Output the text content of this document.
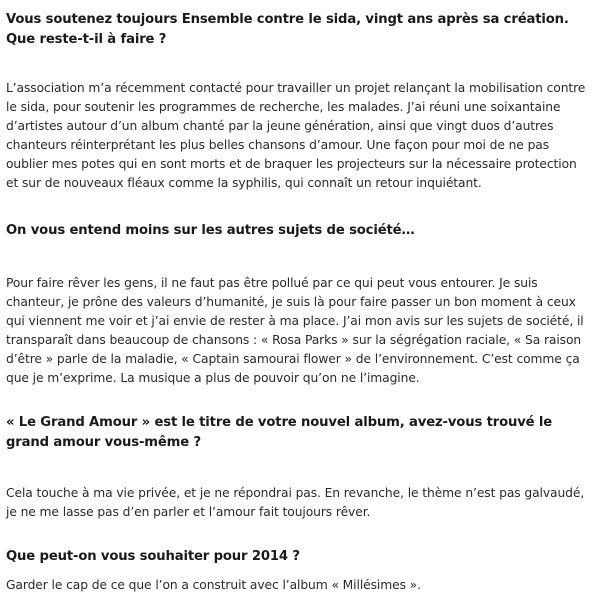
Vous soutenez toujours Ensemble contre le sida, vingt ans après sa création. Que reste-t-il à faire ?

L’association m’a récemment contacté pour travailler un projet relançant la mobilisation contre le sida, pour soutenir les programmes de recherche, les malades. J’ai réuni une soixantaine d’artistes autour d’un album chanté par la jeune génération, ainsi que vingt duos d’autres chanteurs réinterprétant les plus belles chansons d’amour. Une façon pour moi de ne pas oublier mes potes qui en sont morts et de braquer les projecteurs sur la nécessaire protection et sur de nouveaux fléaux comme la syphilis, qui connaît un retour inquiétant.

On vous entend moins sur les autres sujets de société…

Pour faire rêver les gens, il ne faut pas être pollué par ce qui peut vous entourer. Je suis chanteur, je prône des valeurs d’humanité, je suis là pour faire passer un bon moment à ceux qui viennent me voir et j’ai envie de rester à ma place. J’ai mon avis sur les sujets de société, il transparaît dans beaucoup de chansons : « Rosa Parks » sur la ségrégation raciale, « Sa raison d’être » parle de la maladie, « Captain samourai flower » de l’environnement. C’est comme ça que je m’exprime. La musique a plus de pouvoir qu’on ne l’imagine.

« Le Grand Amour » est le titre de votre nouvel album, avez-vous trouvé le grand amour vous-même ?

Cela touche à ma vie privée, et je ne répondrai pas. En revanche, le thème n’est pas galvaudé, je ne me lasse pas d’en parler et l’amour fait toujours rêver.

Que peut-on vous souhaiter pour 2014 ?

Garder le cap de ce que l’on a construit avec l’album « Millésimes ».
